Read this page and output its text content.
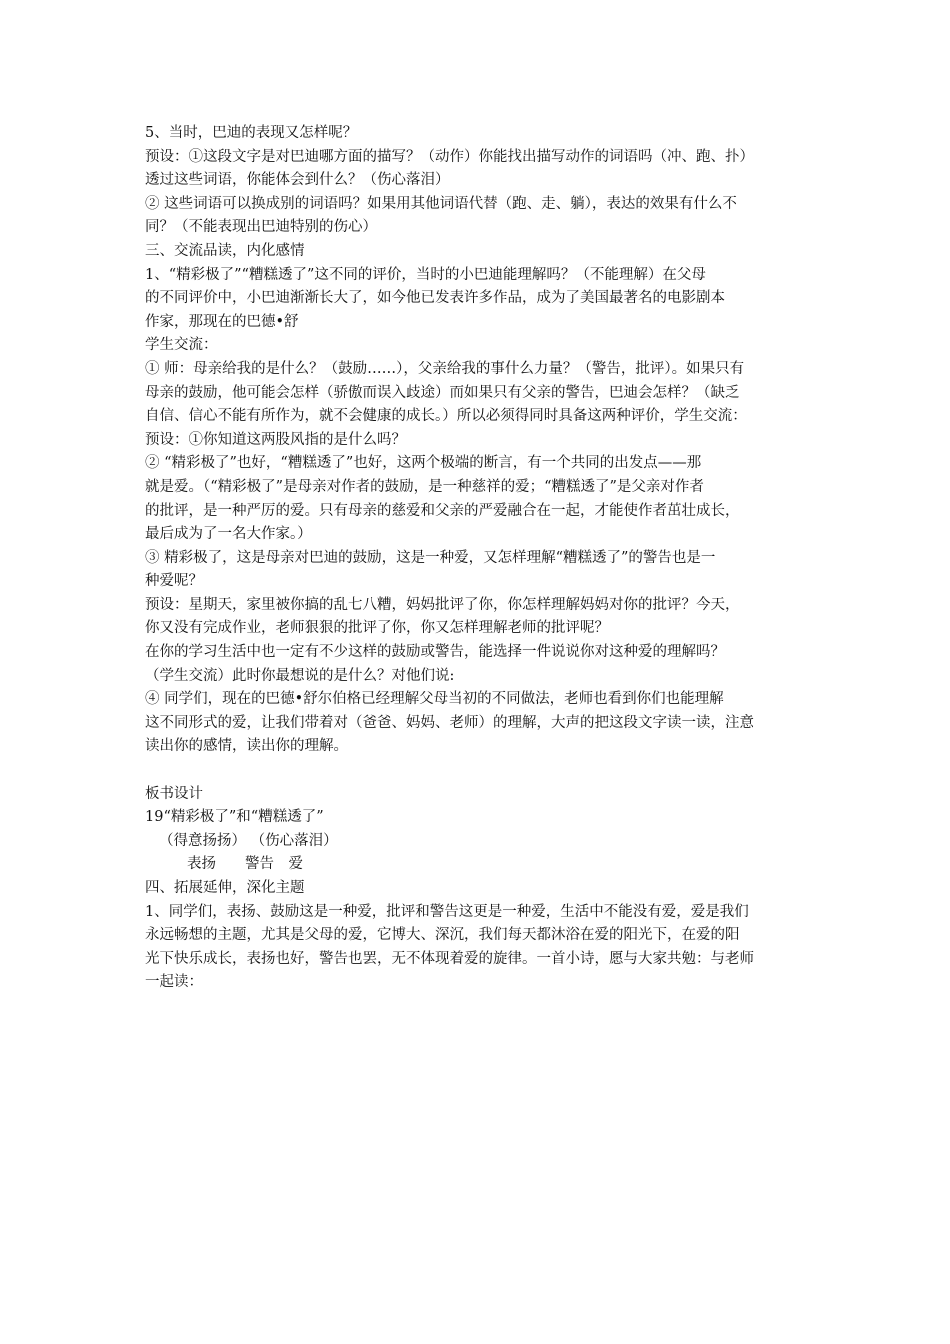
5、当时，巴迪的表现又怎样呢？
预设：①这段文字是对巴迪哪方面的描写？（动作）你能找出描写动作的词语吗（冲、跑、扑）
透过这些词语，你能体会到什么？（伤心落泪）
② 这些词语可以换成别的词语吗？如果用其他词语代替（跑、走、躺），表达的效果有什么不
同？（不能表现出巴迪特别的伤心）
三、交流品读，内化感情
1、“精彩极了”“糟糕透了”这不同的评价，当时的小巴迪能理解吗？（不能理解）在父母
的不同评价中，小巴迪渐渐长大了，如今他已发表许多作品，成为了美国最著名的电影剧本
作家，那现在的巴德•舒
学生交流：
① 师：母亲给我的是什么？（鼓励……），父亲给我的事什么力量？（警告，批评）。如果只有
母亲的鼓励，他可能会怎样（骄傲而误入歧途）而如果只有父亲的警告，巴迪会怎样？（缺乏
自信、信心不能有所作为，就不会健康的成长。）所以必须得同时具备这两种评价，学生交流：
预设：①你知道这两股风指的是什么吗？
② “精彩极了”也好，“糟糕透了”也好，这两个极端的断言，有一个共同的出发点——那
就是爱。（“精彩极了”是母亲对作者的鼓励，是一种慈祥的爱；“糟糕透了”是父亲对作者
的批评，是一种严厉的爱。只有母亲的慈爱和父亲的严爱融合在一起，才能使作者茁壮成长，
最后成为了一名大作家。）
③ 精彩极了，这是母亲对巴迪的鼓励，这是一种爱，又怎样理解“糟糕透了”的警告也是一
种爱呢？
预设：星期天，家里被你搞的乱七八糟，妈妈批评了你，你怎样理解妈妈对你的批评？今天，
你又没有完成作业，老师狠狠的批评了你，你又怎样理解老师的批评呢？
在你的学习生活中也一定有不少这样的鼓励或警告，能选择一件说说你对这种爱的理解吗？
（学生交流）此时你最想说的是什么？对他们说:
④ 同学们，现在的巴德•舒尔伯格已经理解父母当初的不同做法，老师也看到你们也能理解
这不同形式的爱，让我们带着对（爸爸、妈妈、老师）的理解，大声的把这段文字读一读，注意
读出你的感情，读出你的理解。
板书设计
19“精彩极了”和“糟糕透了”
（得意扬扬） （伤心落泪）
表扬　　警告　爱
四、拓展延伸，深化主题
1、同学们，表扬、鼓励这是一种爱，批评和警告这更是一种爱，生活中不能没有爱，爱是我们
永远畅想的主题，尤其是父母的爱，它博大、深沉，我们每天都沐浴在爱的阳光下，在爱的阳
光下快乐成长，表扬也好，警告也罢，无不体现着爱的旋律。一首小诗，愿与大家共勉：与老师
一起读：
